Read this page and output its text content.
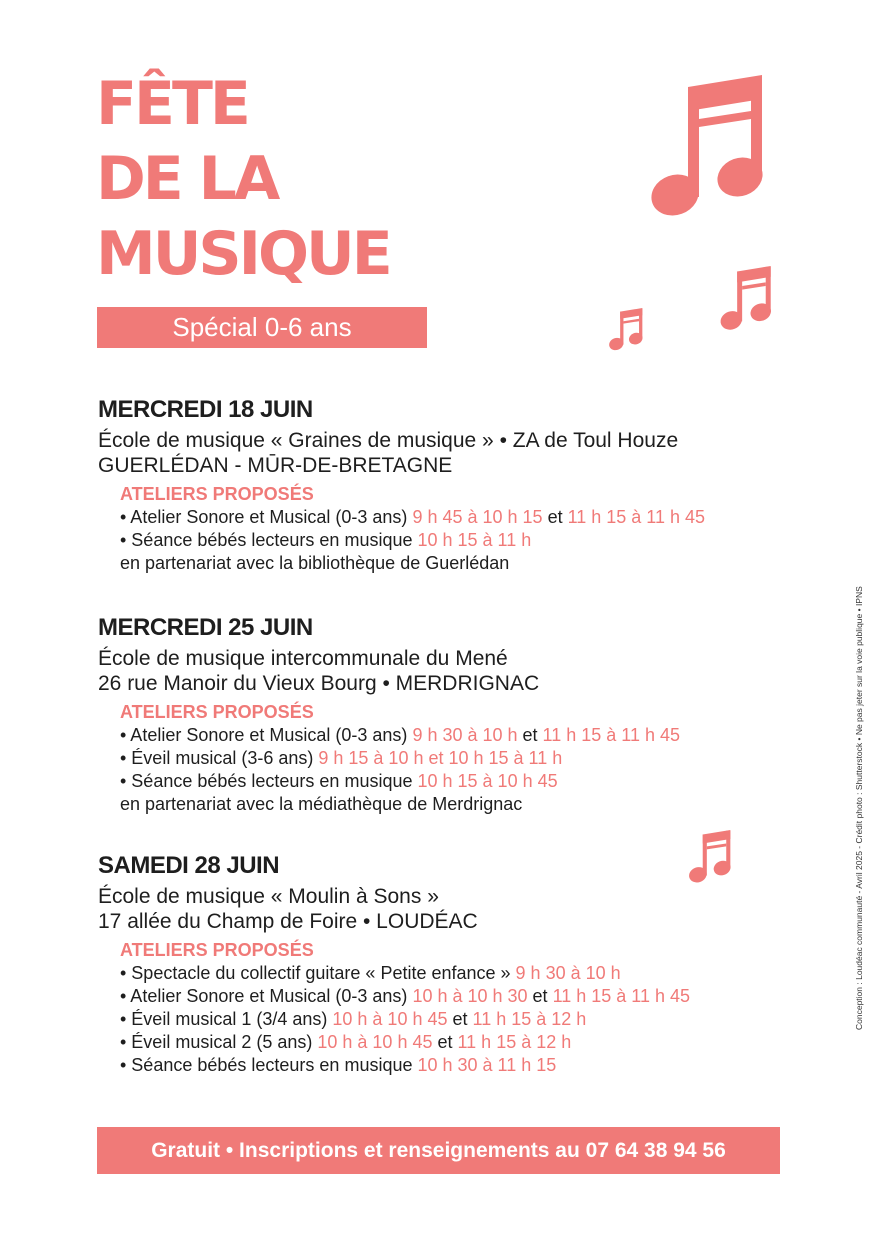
FÊTE
DE LA
MUSIQUE
Spécial 0-6 ans
MERCREDI 18 JUIN
École de musique « Graines de musique » • ZA de Toul Houze
GUERLÉDAN - MŪR-DE-BRETAGNE
ATELIERS PROPOSÉS
• Atelier Sonore et Musical (0-3 ans) 9 h 45 à 10 h 15 et 11 h 15 à 11 h 45
• Séance bébés lecteurs en musique 10 h 15 à 11 h
en partenariat avec la bibliothèque de Guerlédan
MERCREDI 25 JUIN
École de musique intercommunale du Mené
26 rue Manoir du Vieux Bourg • MERDRIGNAC
ATELIERS PROPOSÉS
• Atelier Sonore et Musical (0-3 ans) 9 h 30 à 10 h et 11 h 15 à 11 h 45
• Éveil musical (3-6 ans) 9 h 15 à 10 h et 10 h 15 à 11 h
• Séance bébés lecteurs en musique 10 h 15 à 10 h 45
en partenariat avec la médiathèque de Merdrignac
SAMEDI 28 JUIN
École de musique « Moulin à Sons »
17 allée du Champ de Foire • LOUDÉAC
ATELIERS PROPOSÉS
• Spectacle du collectif guitare « Petite enfance » 9 h 30 à 10 h
• Atelier Sonore et Musical (0-3 ans) 10 h à 10 h 30 et 11 h 15 à 11 h 45
• Éveil musical 1 (3/4 ans) 10 h à 10 h 45 et 11 h 15 à 12 h
• Éveil musical 2 (5 ans) 10 h à 10 h 45 et 11 h 15 à 12 h
• Séance bébés lecteurs en musique 10 h 30 à 11 h 15
Gratuit • Inscriptions et renseignements au 07 64 38 94 56
Conception : Loudéac communauté - Avril 2025 - Crédit photo : Shutterstock • Ne pas jeter sur la voie publique • IPNS
